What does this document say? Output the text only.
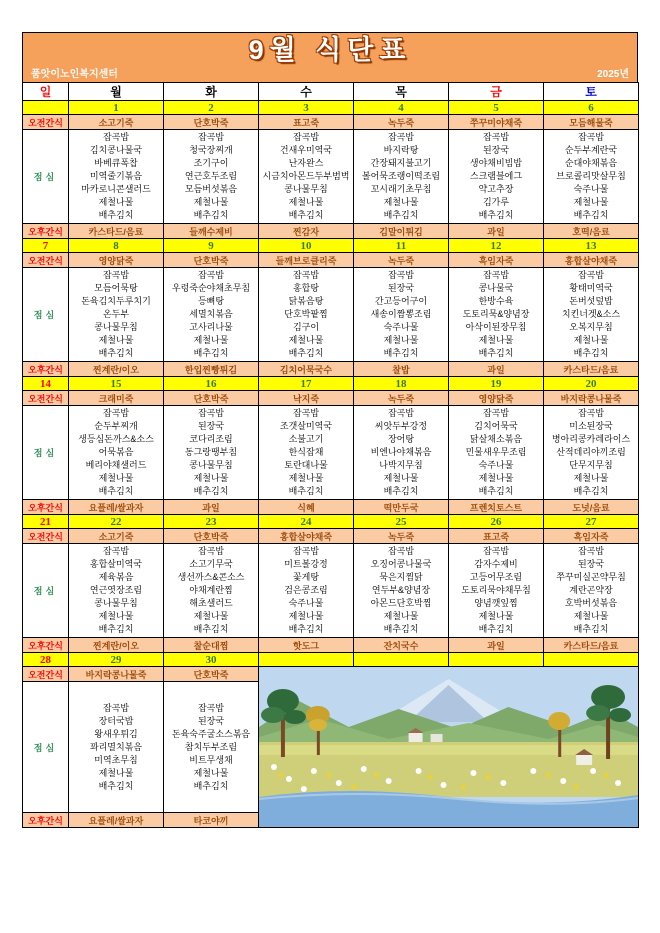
9월 식단표
품앗이노인복지센터	2025년
일	월	화	수	목	금	토
	1	2	3	4	5	6
오전간식	소고기죽	단호박죽	표고죽	녹두죽	쭈꾸미야채죽	모듬해물죽
점심	
잡곡밥
김치콩나물국
바베큐폭찹
미역줄기볶음
마카로니콘샐러드
제철나물
배추김치

잡곡밥
청국장찌개
조기구이
연근호두조림
모듬버섯볶음
제철나물
배추김치

잡곡밥
건새우미역국
난자완스
시금치아몬드두부범벅
콩나물무침
제철나물
배추김치

잡곡밥
바지락탕
간장돼지불고기
볼어묵조랭이떡조림
꼬시래기초무침
제철나물
배추김치

잡곡밥
된장국
생야채비빔밥
스크램블에그
약고추장
김가루
배추김치

잡곡밥
순두부계란국
순대야채볶음
브로콜리맛살무침
숙주나물
제철나물
배추김치

오후간식	카스타드/음료	들깨수제비	찐감자	김말이튀김	과일	호떡/음료
7	8	9	10	11	12	13
오전간식	영양닭죽	단호박죽	들깨브로클리죽	녹두죽	흑임자죽	홍합살야채죽
점심	
잡곡밥
모듬어묵탕
돈육김치두루치기
온두부
콩나물무침
제철나물
배추김치

잡곡밥
우렁죽순야채초무침
등뼈탕
세멸치볶음
고사리나물
제철나물
배추김치

잡곡밥
홍합탕
닭볶음탕
단호박팥찜
김구이
제철나물
배추김치

잡곡밥
된장국
간고등어구이
새송이짬뽕조림
숙주나물
제철나물
배추김치

잡곡밥
콩나물국
한방수육
도토리묵&양념장
아삭이된장무침
제철나물
배추김치

잡곡밥
황태미역국
돈버섯덮밥
치킨너겟&소스
오복지무침
제철나물
배추김치

오후간식	찐계란/이오	한입찐빵튀김	김치어묵국수	찰밥	과일	카스타드/음료
14	15	16	17	18	19	20
오전간식	크래미죽	단호박죽	낙지죽	녹두죽	영양닭죽	바지락콩나물죽
점심	
잡곡밥
순두부찌개
생등심돈까스&소스
어묵볶음
베리야채샐러드
제철나물
배추김치

잡곡밥
된장국
코다리조림
동그랑땡부침
콩나물무침
제철나물
배추김치

잡곡밥
조갯살미역국
소불고기
한식잡채
토란대나물
제철나물
배추김치

잡곡밥
씨앗두부강정
장어탕
비엔나야채볶음
나박지무침
제철나물
배추김치

잡곡밥
김치어묵국
닭살채소볶음
민물새우무조림
숙주나물
제철나물
배추김치

잡곡밥
미소된장국
병아리콩카레라이스
산적데리야끼조림
단무지무침
제철나물
배추김치

오후간식	요플레/쌀과자	과일	식혜	떡만두국	프렌치토스트	도넛/음료
21	22	23	24	25	26	27
오전간식	소고기죽	단호박죽	홍합살야채죽	녹두죽	표고죽	흑임자죽
점심	
잡곡밥
홍합살미역국
제육볶음
연근엿장조림
콩나물무침
제철나물
배추김치

잡곡밥
소고기무국
생선까스&콘소스
야채계란찜
해초샐러드
제철나물
배추김치

잡곡밥
미트볼강정
꽃게탕
검은콩조림
숙주나물
제철나물
배추김치

잡곡밥
오징어콩나물국
묵은지찜닭
연두부&양념장
아몬드단호박찜
제철나물
배추김치

잡곡밥
감자수제비
고등어무조림
도토리묵야채무침
양념깻잎찜
제철나물
배추김치

잡곡밥
된장국
쭈꾸미실곤약무침
계란곤약장
호박버섯볶음
제철나물
배추김치

오후간식	찐계란/이오	찰순대찜	핫도그	잔치국수	과일	카스타드/음료
28	29	30				
오전간식	바지락콩나물죽	단호박죽	

점심	
잡곡밥
장터국밥
왕새우튀김
꽈리멸치볶음
미역초무침
제철나물
배추김치

잡곡밥
된장국
돈육숙주굴소스볶음
참치두부조림
비트무생채
제철나물
배추김치

오후간식	요플레/쌀과자	타코야끼				
